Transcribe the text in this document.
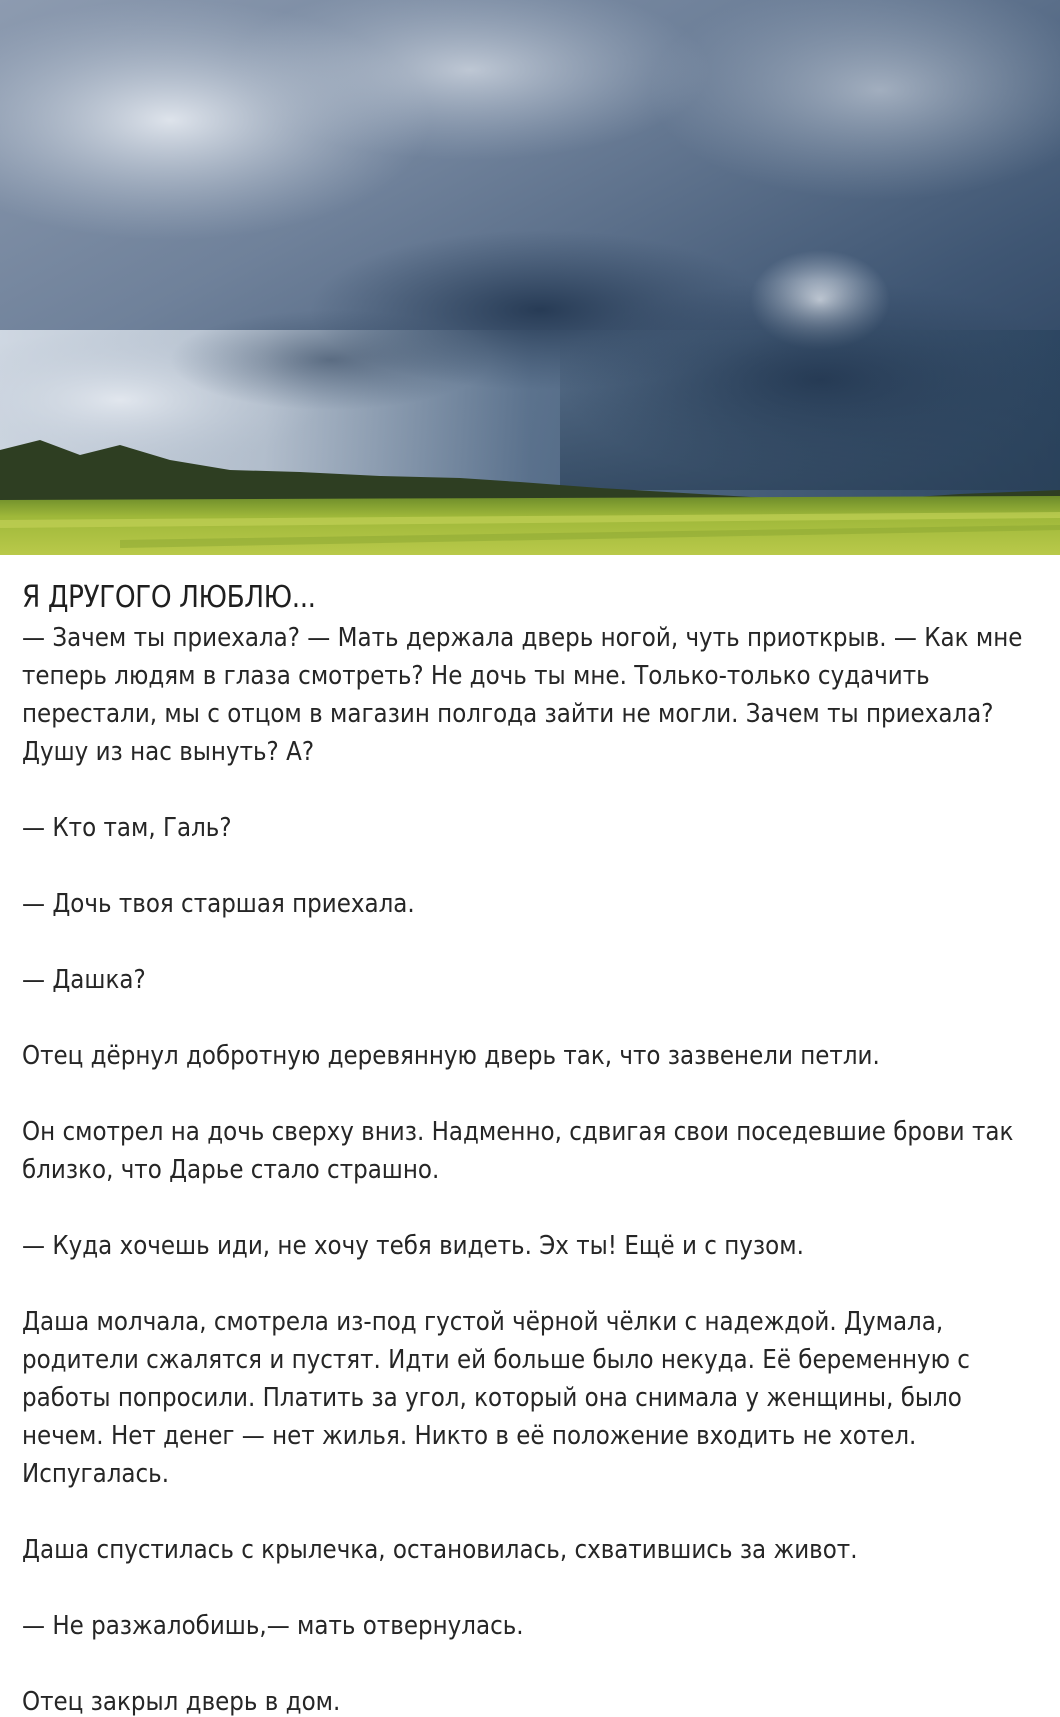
Я ДРУГОГО ЛЮБЛЮ...

— Зачем ты приехала? — Мать держала дверь ногой, чуть приоткрыв. — Как мне теперь людям в глаза смотреть? Не дочь ты мне. Только-только судачить перестали, мы с отцом в магазин полгода зайти не могли. Зачем ты приехала? Душу из нас вынуть? А?

— Кто там, Галь?

— Дочь твоя старшая приехала.

— Дашка?

Отец дёрнул добротную деревянную дверь так, что зазвенели петли.

Он смотрел на дочь сверху вниз. Надменно, сдвигая свои поседевшие брови так близко, что Дарье стало страшно.

— Куда хочешь иди, не хочу тебя видеть. Эх ты! Ещё и с пузом.

Даша молчала, смотрела из-под густой чёрной чёлки с надеждой. Думала, родители сжалятся и пустят. Идти ей больше было некуда. Её беременную с работы попросили. Платить за угол, который она снимала у женщины, было нечем. Нет денег — нет жилья. Никто в её положение входить не хотел. Испугалась.

Даша спустилась с крылечка, остановилась, схватившись за живот.

— Не разжалобишь,— мать отвернулась.

Отец закрыл дверь в дом.
